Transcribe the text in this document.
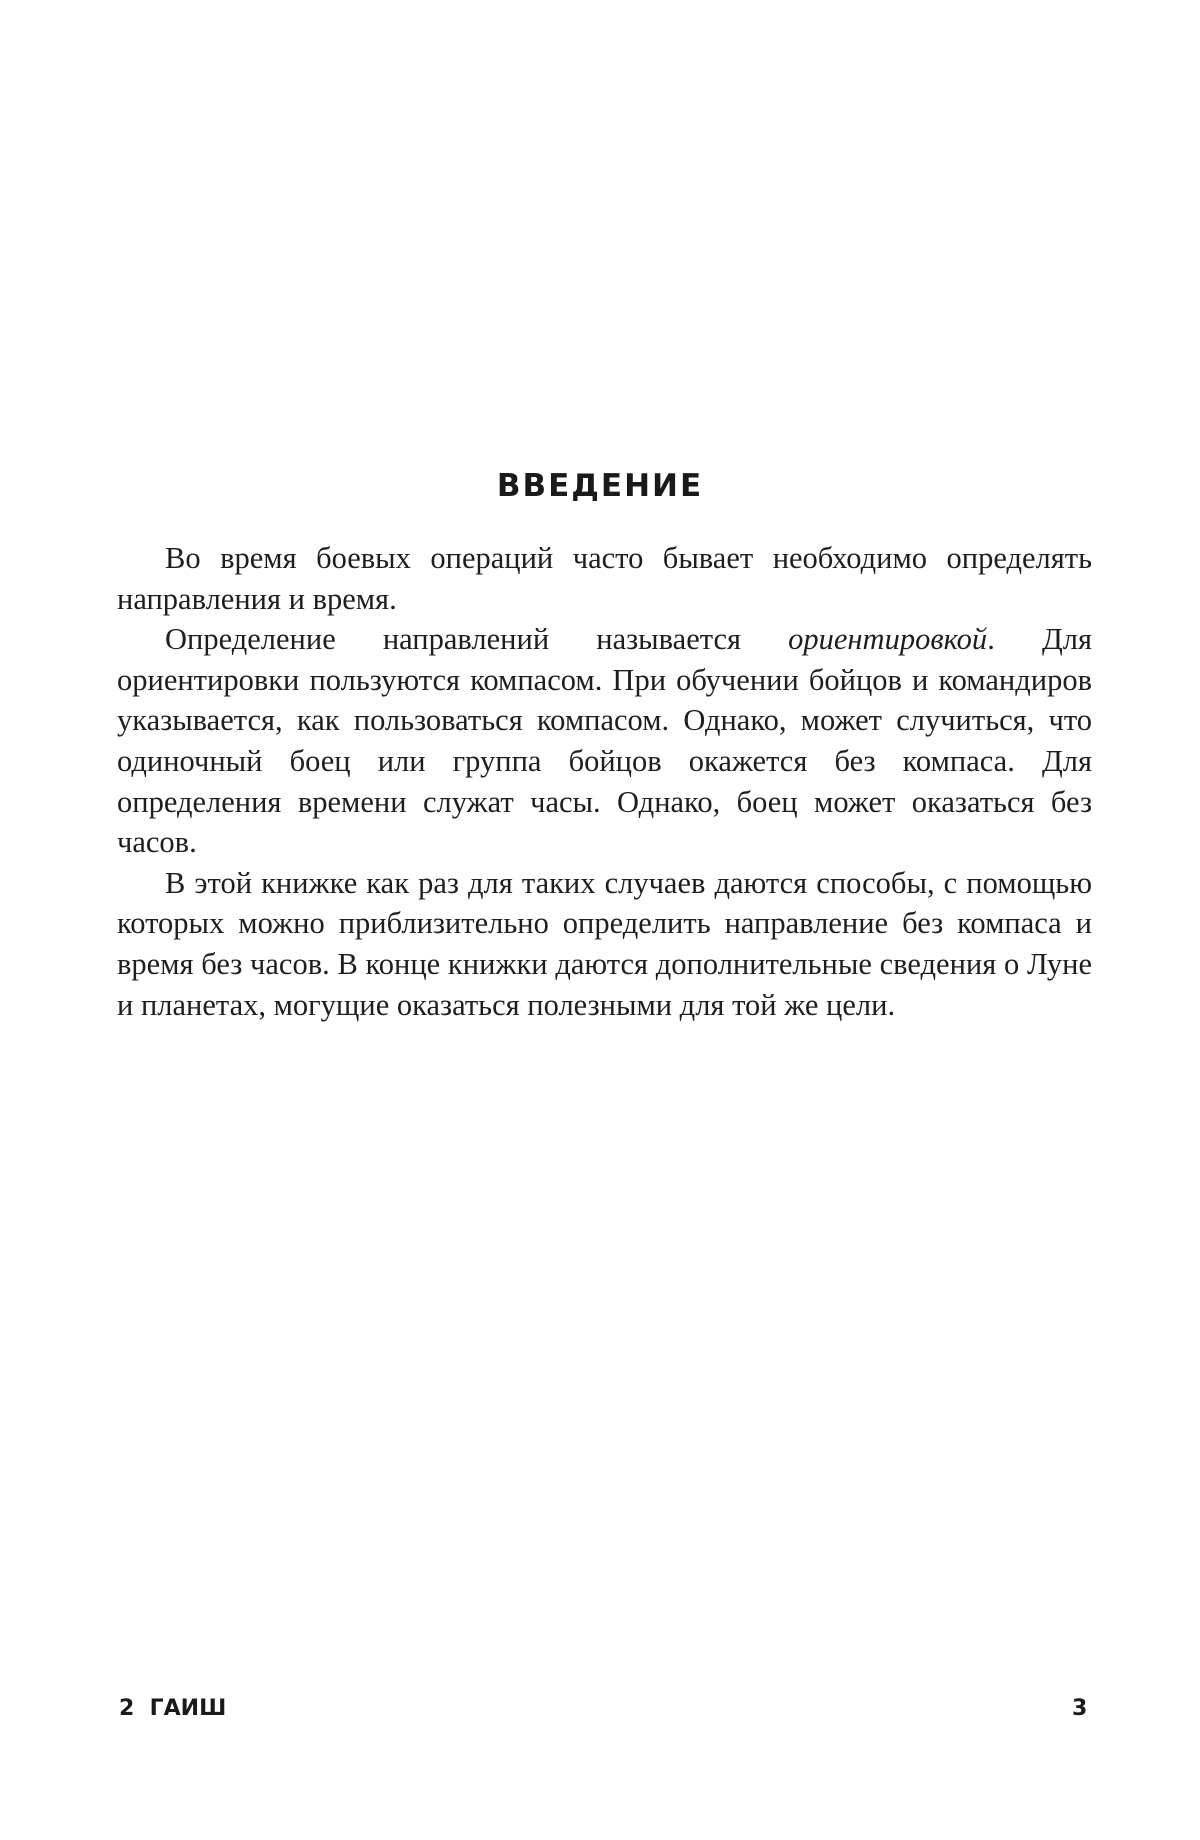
ВВЕДЕНИЕ

Во время боевых операций часто бывает необходимо определять направления и время.

Определение направлений называется ориентировкой. Для ориентировки пользуются компасом. При обучении бойцов и командиров указывается, как пользоваться компасом. Однако, может случиться, что одиночный боец или группа бойцов окажется без компаса. Для определения времени служат часы. Однако, боец может оказаться без часов.

В этой книжке как раз для таких случаев даются способы, с помощью которых можно приблизительно определить направление без компаса и время без часов. В конце книжки даются дополнительные сведения о Луне и планетах, могущие оказаться полезными для той же цели.

2  ГАИШ	3
